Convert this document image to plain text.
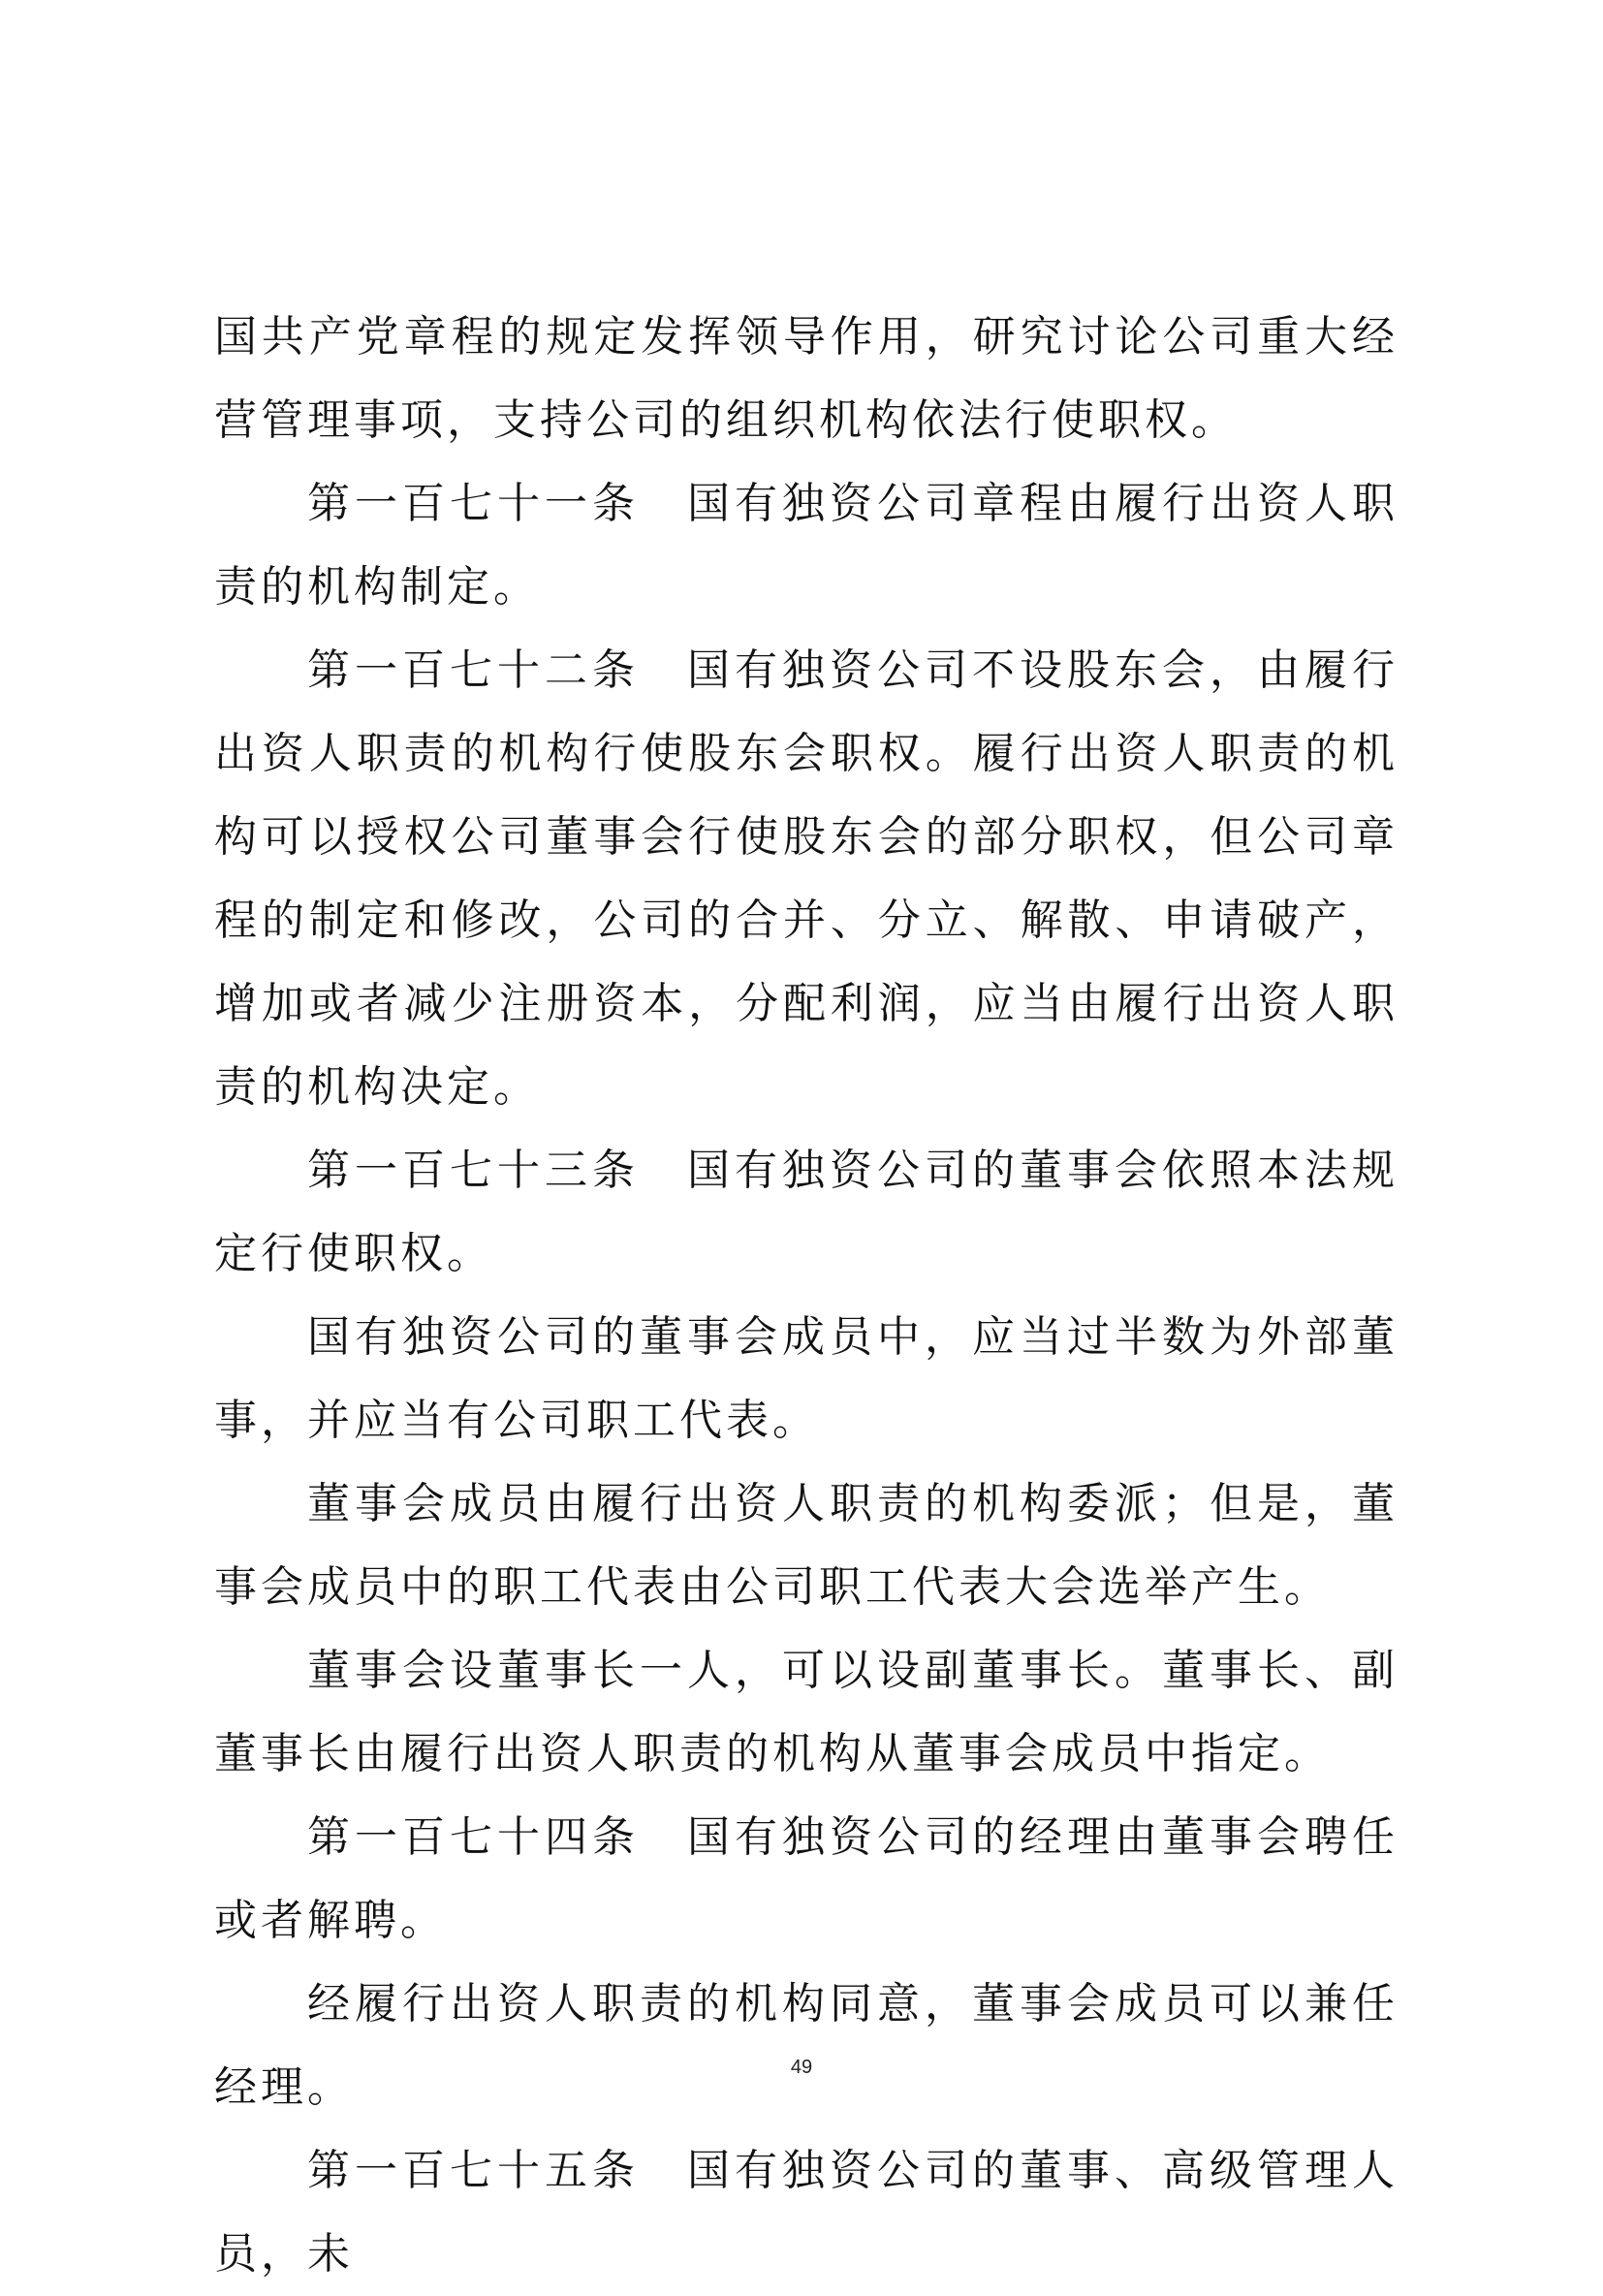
国共产党章程的规定发挥领导作用，研究讨论公司重大经营管理事项，支持公司的组织机构依法行使职权。

第一百七十一条　国有独资公司章程由履行出资人职责的机构制定。

第一百七十二条　国有独资公司不设股东会，由履行出资人职责的机构行使股东会职权。履行出资人职责的机构可以授权公司董事会行使股东会的部分职权，但公司章程的制定和修改，公司的合并、分立、解散、申请破产，增加或者减少注册资本，分配利润，应当由履行出资人职责的机构决定。

第一百七十三条　国有独资公司的董事会依照本法规定行使职权。

国有独资公司的董事会成员中，应当过半数为外部董事，并应当有公司职工代表。

董事会成员由履行出资人职责的机构委派；但是，董事会成员中的职工代表由公司职工代表大会选举产生。

董事会设董事长一人，可以设副董事长。董事长、副董事长由履行出资人职责的机构从董事会成员中指定。

第一百七十四条　国有独资公司的经理由董事会聘任或者解聘。

经履行出资人职责的机构同意，董事会成员可以兼任经理。

第一百七十五条　国有独资公司的董事、高级管理人员，未

49
